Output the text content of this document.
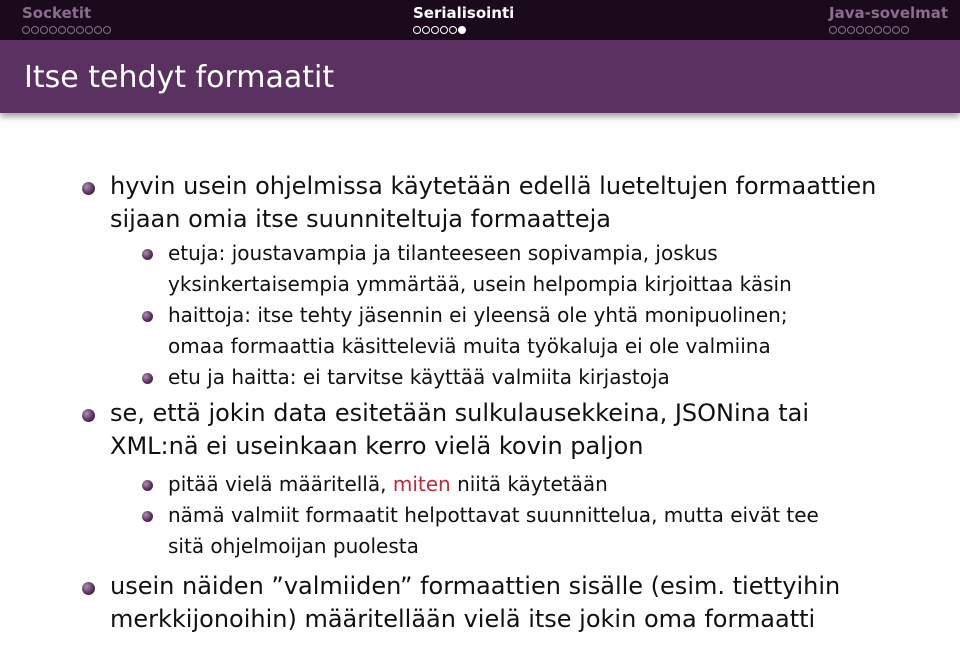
Socketit	Serialisointi	Java-sovelmat
Itse tehdyt formaatit
hyvin usein ohjelmissa käytetään edellä lueteltujen formaattien
sijaan omia itse suunniteltuja formaatteja
etuja: joustavampia ja tilanteeseen sopivampia, joskus
yksinkertaisempia ymmärtää, usein helpompia kirjoittaa käsin
haittoja: itse tehty jäsennin ei yleensä ole yhtä monipuolinen;
omaa formaattia käsitteleviä muita työkaluja ei ole valmiina
etu ja haitta: ei tarvitse käyttää valmiita kirjastoja
se, että jokin data esitetään sulkulausekkeina, JSONina tai
XML:nä ei useinkaan kerro vielä kovin paljon
pitää vielä määritellä, miten niitä käytetään
nämä valmiit formaatit helpottavat suunnittelua, mutta eivät tee
sitä ohjelmoijan puolesta
usein näiden ”valmiiden” formaattien sisälle (esim. tiettyihin
merkkijonoihin) määritellään vielä itse jokin oma formaatti
